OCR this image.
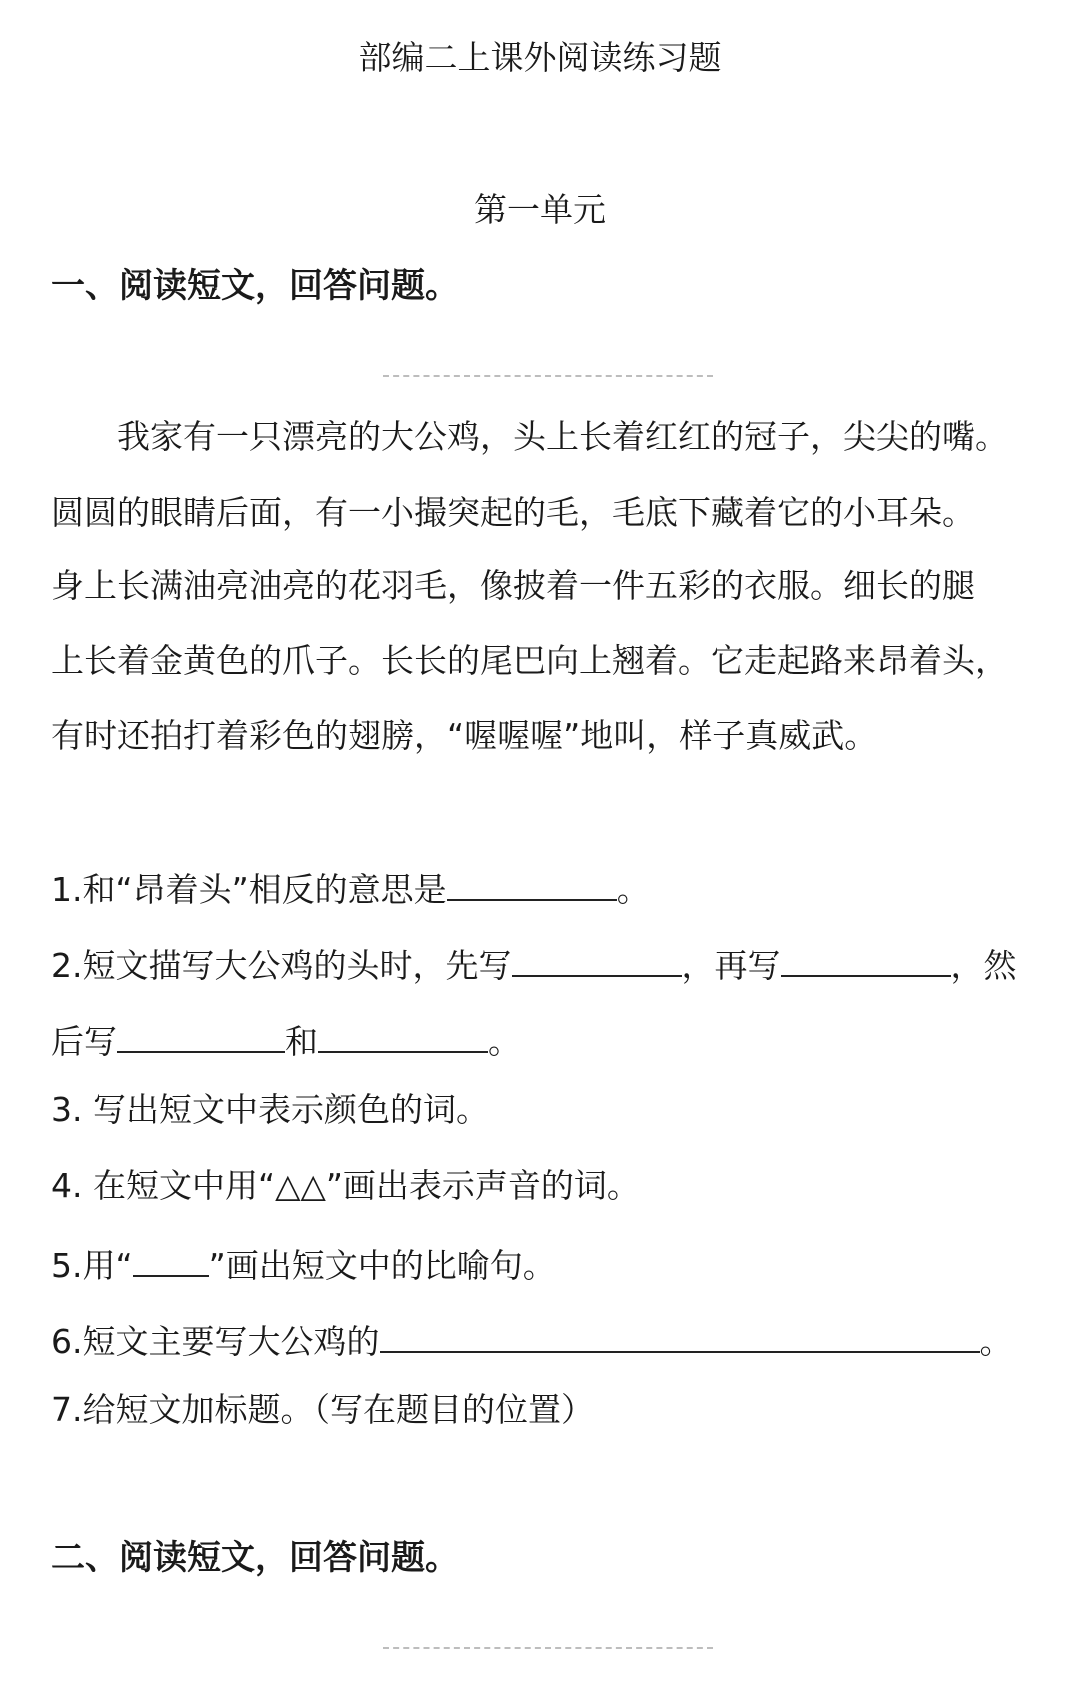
部编二上课外阅读练习题
第一单元
一、阅读短文，回答问题。
我家有一只漂亮的大公鸡，头上长着红红的冠子，尖尖的嘴。
圆圆的眼睛后面，有一小撮突起的毛，毛底下藏着它的小耳朵。
身上长满油亮油亮的花羽毛，像披着一件五彩的衣服。细长的腿
上长着金黄色的爪子。长长的尾巴向上翘着。它走起路来昂着头，
有时还拍打着彩色的翅膀，“喔喔喔”地叫，样子真威武。
1.和“昂着头”相反的意思是	。
2.短文描写大公鸡的头时，先写	，再写	，然
后写	和	。
3. 写出短文中表示颜色的词。
4. 在短文中用“△△”画出表示声音的词。
5.用“ ”画出短文中的比喻句。
6.短文主要写大公鸡的	。
7.给短文加标题。（写在题目的位置）
二、阅读短文，回答问题。
